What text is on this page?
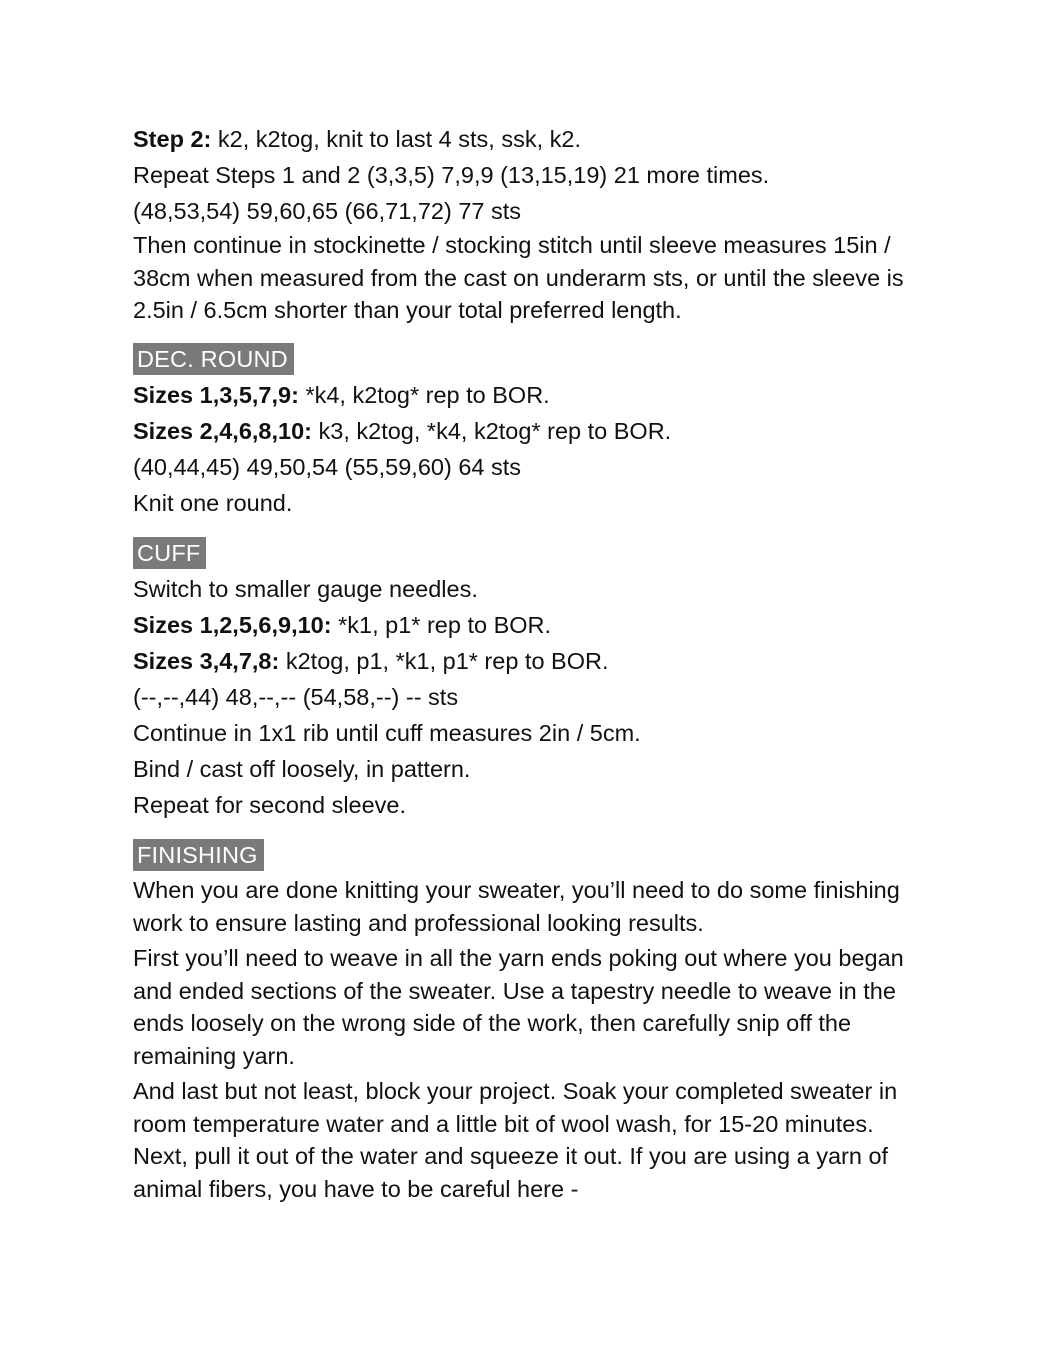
Step 2: k2, k2tog, knit to last 4 sts, ssk, k2.
Repeat Steps 1 and 2 (3,3,5) 7,9,9 (13,15,19) 21 more times.
(48,53,54) 59,60,65 (66,71,72) 77 sts
Then continue in stockinette / stocking stitch until sleeve measures 15in / 38cm when measured from the cast on underarm sts, or until the sleeve is 2.5in / 6.5cm shorter than your total preferred length.
DEC. ROUND
Sizes 1,3,5,7,9: *k4, k2tog* rep to BOR.
Sizes 2,4,6,8,10: k3, k2tog, *k4, k2tog* rep to BOR.
(40,44,45) 49,50,54 (55,59,60) 64 sts
Knit one round.
CUFF
Switch to smaller gauge needles.
Sizes 1,2,5,6,9,10: *k1, p1* rep to BOR.
Sizes 3,4,7,8: k2tog, p1, *k1, p1* rep to BOR.
(--,--,44) 48,--,-- (54,58,--) -- sts
Continue in 1x1 rib until cuff measures 2in / 5cm.
Bind / cast off loosely, in pattern.
Repeat for second sleeve.
FINISHING
When you are done knitting your sweater, you’ll need to do some finishing work to ensure lasting and professional looking results.
First you’ll need to weave in all the yarn ends poking out where you began and ended sections of the sweater. Use a tapestry needle to weave in the ends loosely on the wrong side of the work, then carefully snip off the remaining yarn.
And last but not least, block your project. Soak your completed sweater in room temperature water and a little bit of wool wash, for 15-20 minutes. Next, pull it out of the water and squeeze it out. If you are using a yarn of animal fibers, you have to be careful here -
